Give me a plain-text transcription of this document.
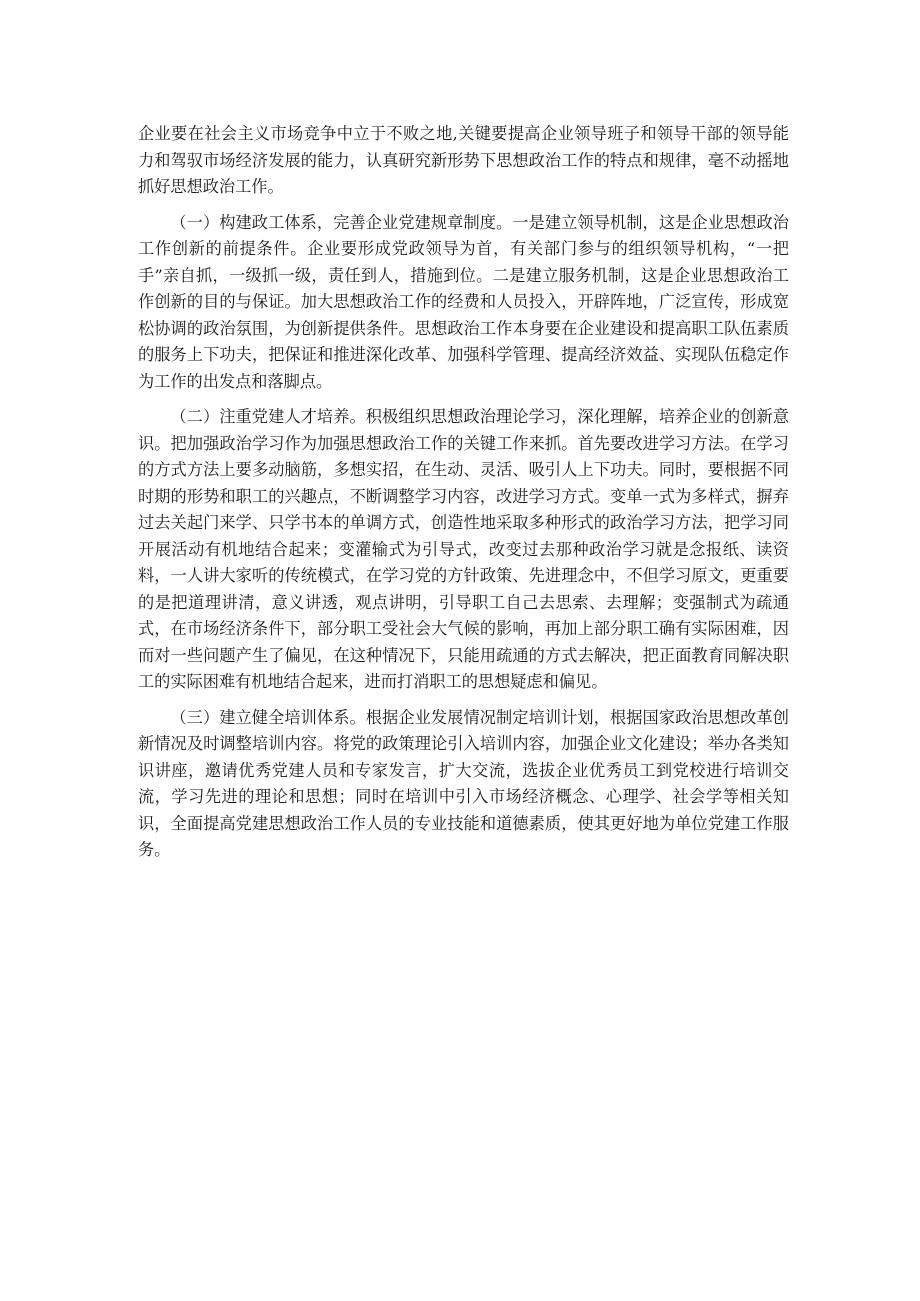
企业要在社会主义市场竞争中立于不败之地,关键要提高企业领导班子和领导干部的领导能力和驾驭市场经济发展的能力，认真研究新形势下思想政治工作的特点和规律，毫不动摇地抓好思想政治工作。

（一）构建政工体系，完善企业党建规章制度。一是建立领导机制，这是企业思想政治工作创新的前提条件。企业要形成党政领导为首，有关部门参与的组织领导机构，“一把手”亲自抓，一级抓一级，责任到人，措施到位。二是建立服务机制，这是企业思想政治工作创新的目的与保证。加大思想政治工作的经费和人员投入，开辟阵地，广泛宣传，形成宽松协调的政治氛围，为创新提供条件。思想政治工作本身要在企业建设和提高职工队伍素质的服务上下功夫，把保证和推进深化改革、加强科学管理、提高经济效益、实现队伍稳定作为工作的出发点和落脚点。

（二）注重党建人才培养。积极组织思想政治理论学习，深化理解，培养企业的创新意识。把加强政治学习作为加强思想政治工作的关键工作来抓。首先要改进学习方法。在学习的方式方法上要多动脑筋，多想实招，在生动、灵活、吸引人上下功夫。同时，要根据不同时期的形势和职工的兴趣点，不断调整学习内容，改进学习方式。变单一式为多样式，摒弃过去关起门来学、只学书本的单调方式，创造性地采取多种形式的政治学习方法，把学习同开展活动有机地结合起来；变灌输式为引导式，改变过去那种政治学习就是念报纸、读资料，一人讲大家听的传统模式，在学习党的方针政策、先进理念中，不但学习原文，更重要的是把道理讲清，意义讲透，观点讲明，引导职工自己去思索、去理解；变强制式为疏通式，在市场经济条件下，部分职工受社会大气候的影响，再加上部分职工确有实际困难，因而对一些问题产生了偏见，在这种情况下，只能用疏通的方式去解决，把正面教育同解决职工的实际困难有机地结合起来，进而打消职工的思想疑虑和偏见。

（三）建立健全培训体系。根据企业发展情况制定培训计划，根据国家政治思想改革创新情况及时调整培训内容。将党的政策理论引入培训内容，加强企业文化建设；举办各类知识讲座，邀请优秀党建人员和专家发言，扩大交流，选拔企业优秀员工到党校进行培训交流，学习先进的理论和思想；同时在培训中引入市场经济概念、心理学、社会学等相关知识，全面提高党建思想政治工作人员的专业技能和道德素质，使其更好地为单位党建工作服务。
